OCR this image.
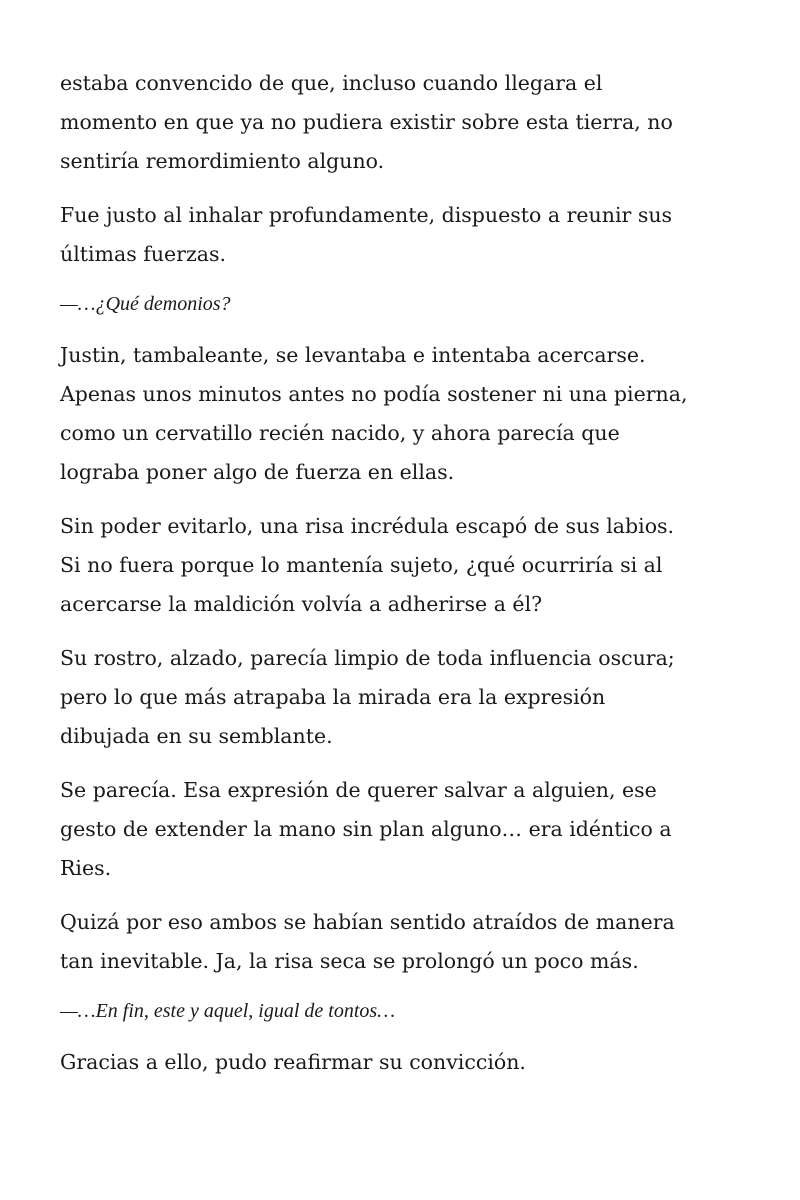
estaba convencido de que, incluso cuando llegara el
momento en que ya no pudiera existir sobre esta tierra, no
sentiría remordimiento alguno.

Fue justo al inhalar profundamente, dispuesto a reunir sus
últimas fuerzas.

—…¿Qué demonios?

Justin, tambaleante, se levantaba e intentaba acercarse.
Apenas unos minutos antes no podía sostener ni una pierna,
como un cervatillo recién nacido, y ahora parecía que
lograba poner algo de fuerza en ellas.

Sin poder evitarlo, una risa incrédula escapó de sus labios.
Si no fuera porque lo mantenía sujeto, ¿qué ocurriría si al
acercarse la maldición volvía a adherirse a él?

Su rostro, alzado, parecía limpio de toda influencia oscura;
pero lo que más atrapaba la mirada era la expresión
dibujada en su semblante.

Se parecía. Esa expresión de querer salvar a alguien, ese
gesto de extender la mano sin plan alguno… era idéntico a
Ries.

Quizá por eso ambos se habían sentido atraídos de manera
tan inevitable. Ja, la risa seca se prolongó un poco más.

—…En fin, este y aquel, igual de tontos…

Gracias a ello, pudo reafirmar su convicción.
